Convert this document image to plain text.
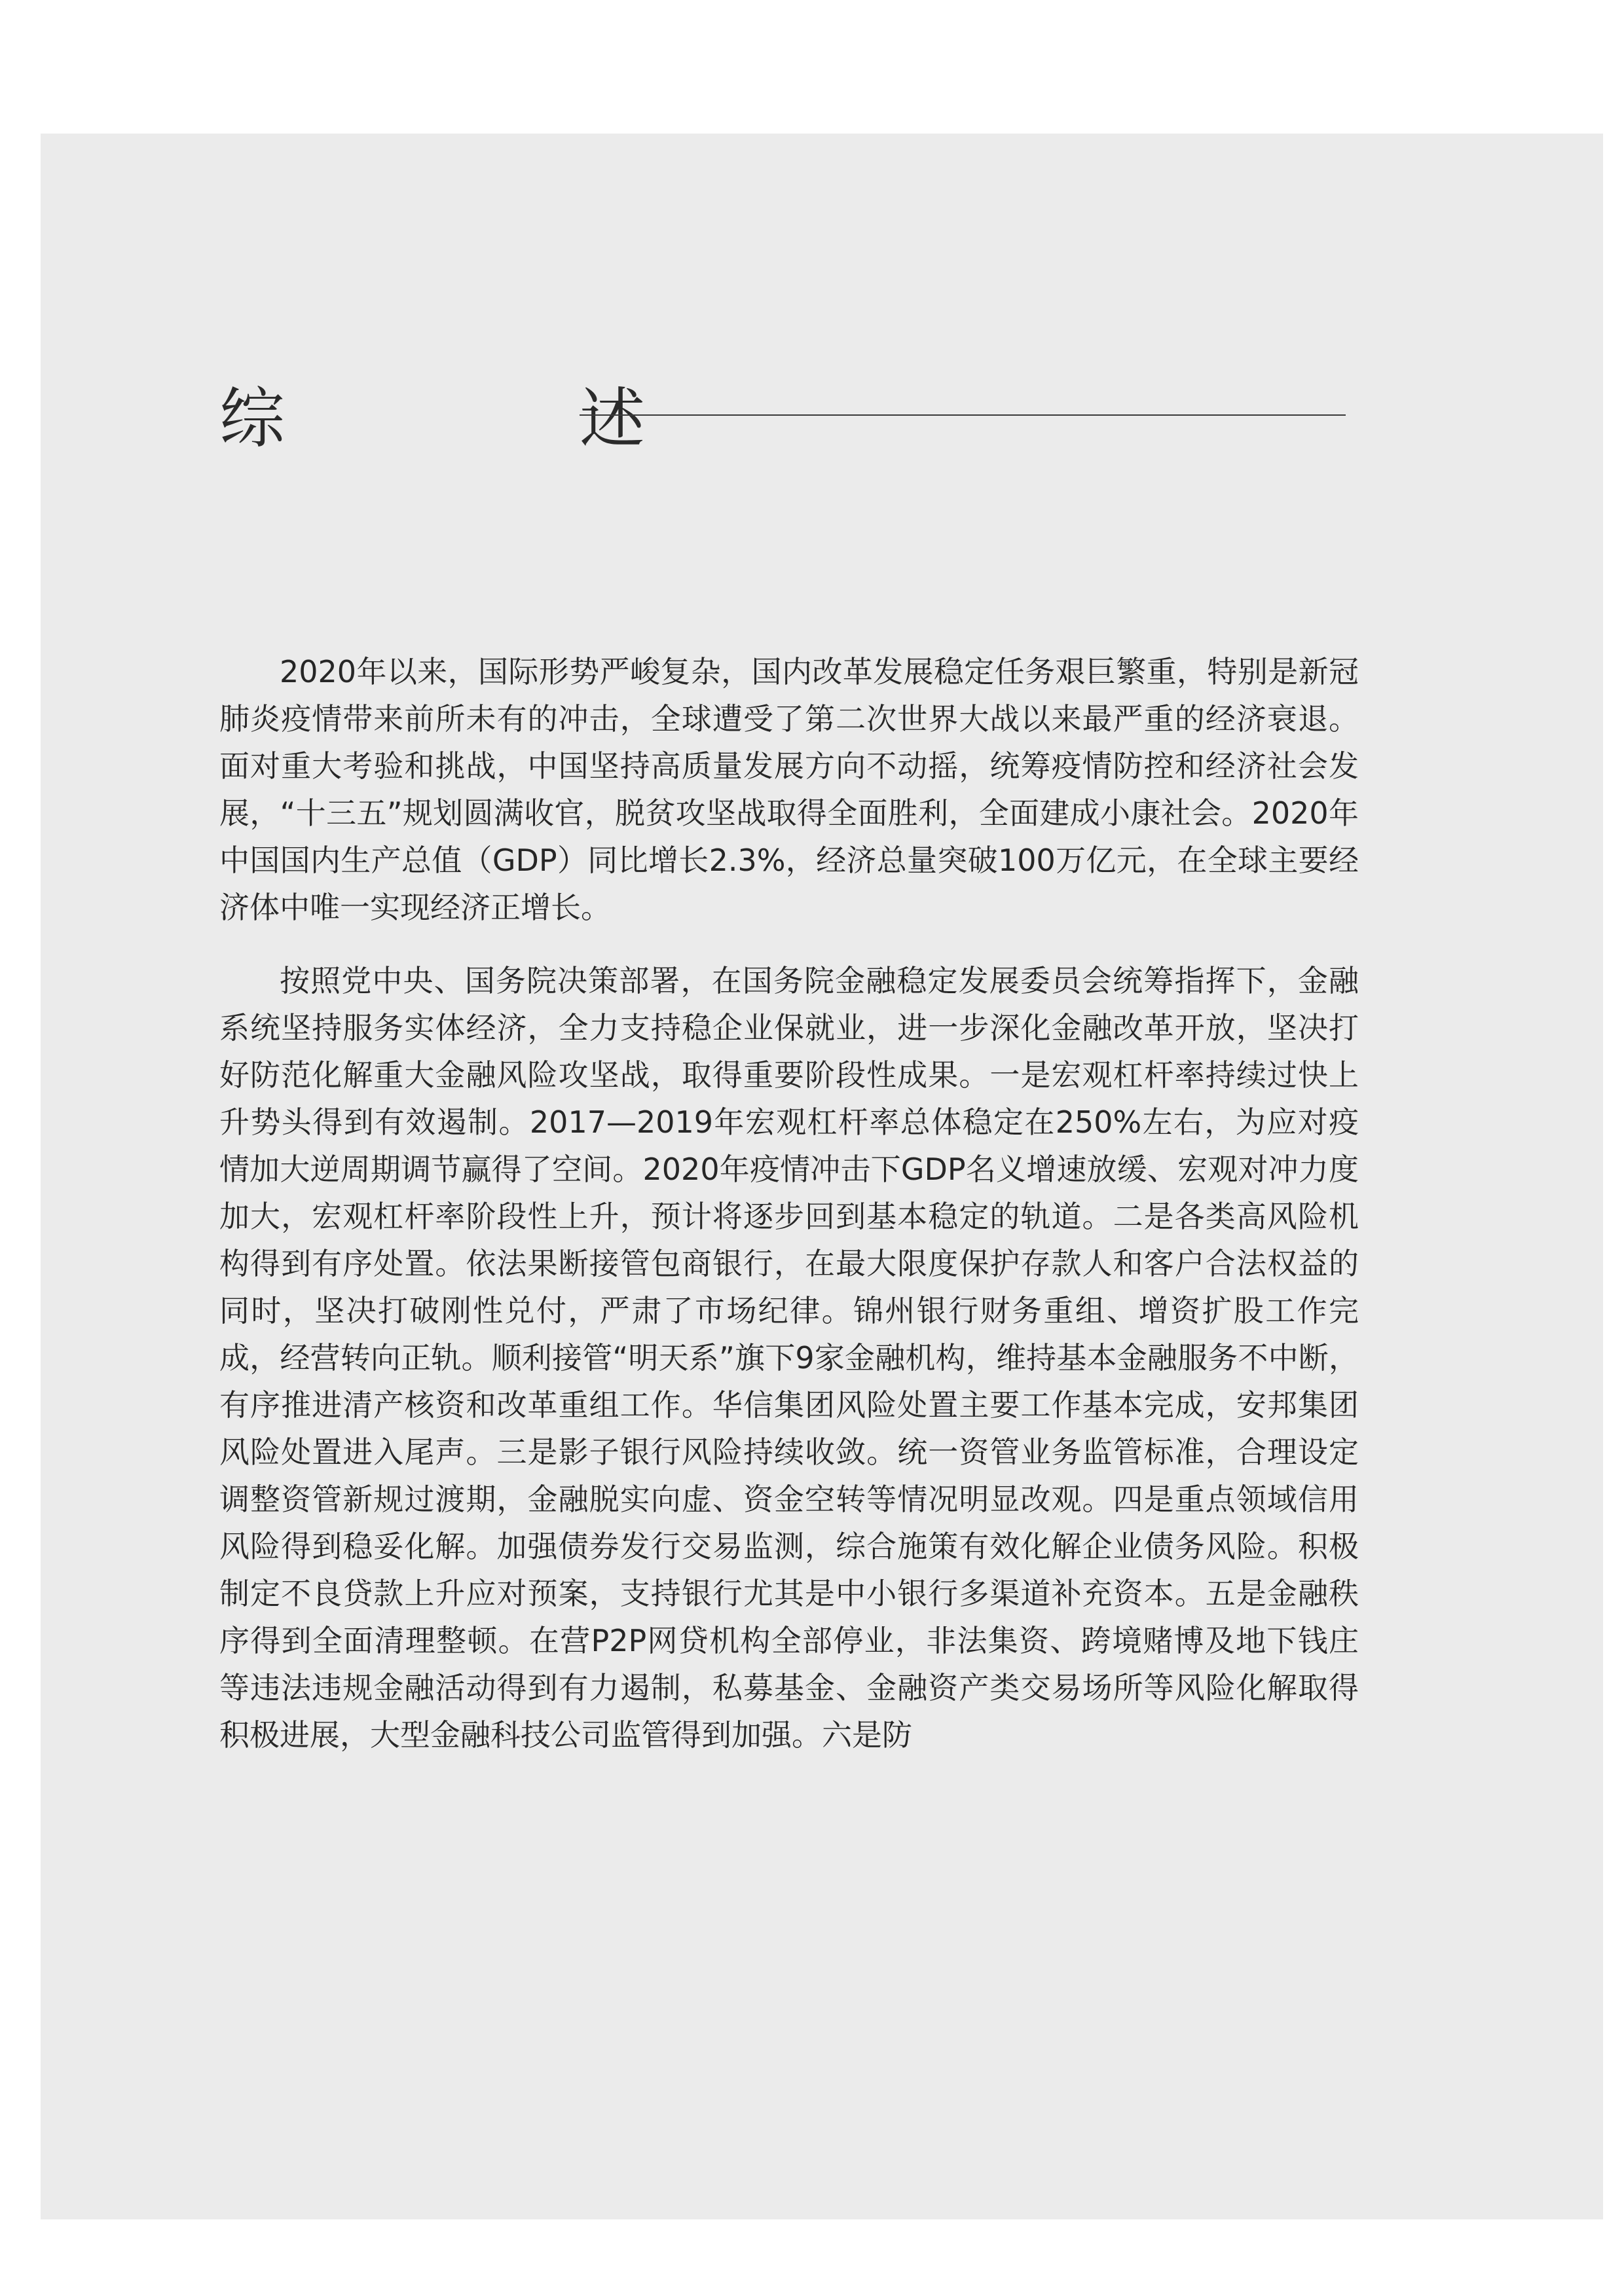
综　述

2020年以来，国际形势严峻复杂，国内改革发展稳定任务艰巨繁重，特别是新冠肺炎疫情带来前所未有的冲击，全球遭受了第二次世界大战以来最严重的经济衰退。面对重大考验和挑战，中国坚持高质量发展方向不动摇，统筹疫情防控和经济社会发展，“十三五”规划圆满收官，脱贫攻坚战取得全面胜利，全面建成小康社会。2020年中国国内生产总值（GDP）同比增长2.3%，经济总量突破100万亿元，在全球主要经济体中唯一实现经济正增长。

按照党中央、国务院决策部署，在国务院金融稳定发展委员会统筹指挥下，金融系统坚持服务实体经济，全力支持稳企业保就业，进一步深化金融改革开放，坚决打好防范化解重大金融风险攻坚战，取得重要阶段性成果。一是宏观杠杆率持续过快上升势头得到有效遏制。2017—2019年宏观杠杆率总体稳定在250%左右，为应对疫情加大逆周期调节赢得了空间。2020年疫情冲击下GDP名义增速放缓、宏观对冲力度加大，宏观杠杆率阶段性上升，预计将逐步回到基本稳定的轨道。二是各类高风险机构得到有序处置。依法果断接管包商银行，在最大限度保护存款人和客户合法权益的同时，坚决打破刚性兑付，严肃了市场纪律。锦州银行财务重组、增资扩股工作完成，经营转向正轨。顺利接管“明天系”旗下9家金融机构，维持基本金融服务不中断，有序推进清产核资和改革重组工作。华信集团风险处置主要工作基本完成，安邦集团风险处置进入尾声。三是影子银行风险持续收敛。统一资管业务监管标准，合理设定调整资管新规过渡期，金融脱实向虚、资金空转等情况明显改观。四是重点领域信用风险得到稳妥化解。加强债券发行交易监测，综合施策有效化解企业债务风险。积极制定不良贷款上升应对预案，支持银行尤其是中小银行多渠道补充资本。五是金融秩序得到全面清理整顿。在营P2P网贷机构全部停业，非法集资、跨境赌博及地下钱庄等违法违规金融活动得到有力遏制，私募基金、金融资产类交易场所等风险化解取得积极进展，大型金融科技公司监管得到加强。六是防
